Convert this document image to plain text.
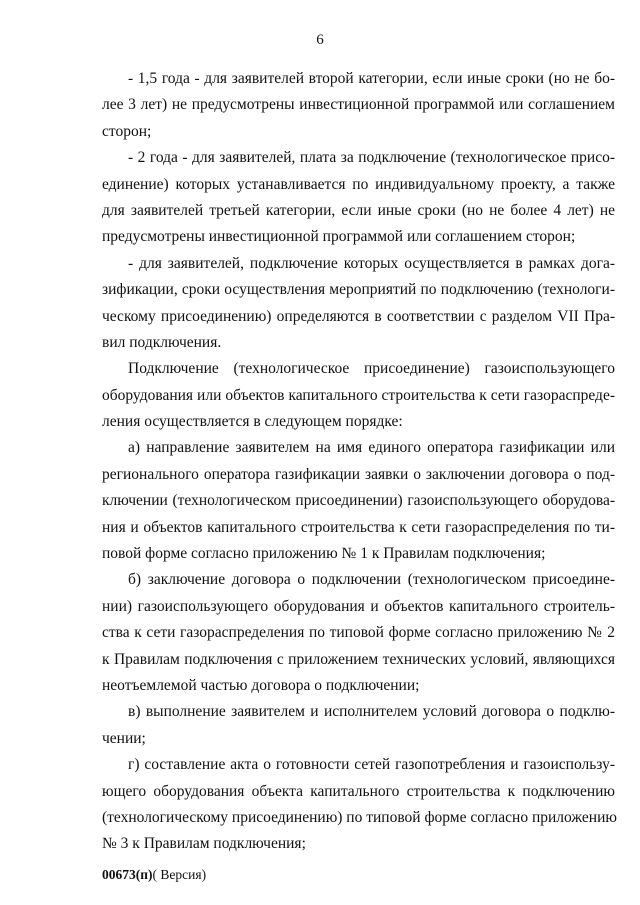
6
- 1,5 года - для заявителей второй категории, если иные сроки (но не бо-
лее 3 лет) не предусмотрены инвестиционной программой или соглашением
сторон;
- 2 года - для заявителей, плата за подключение (технологическое присо-
единение) которых устанавливается по индивидуальному проекту, а также
для заявителей третьей категории, если иные сроки (но не более 4 лет) не
предусмотрены инвестиционной программой или соглашением сторон;
- для заявителей, подключение которых осуществляется в рамках дога-
зификации, сроки осуществления мероприятий по подключению (технологи-
ческому присоединению) определяются в соответствии с разделом VII Пра-
вил подключения.
Подключение (технологическое присоединение) газоиспользующего
оборудования или объектов капитального строительства к сети газораспреде-
ления осуществляется в следующем порядке:
а) направление заявителем на имя единого оператора газификации или
регионального оператора газификации заявки о заключении договора о под-
ключении (технологическом присоединении) газоиспользующего оборудова-
ния и объектов капитального строительства к сети газораспределения по ти-
повой форме согласно приложению № 1 к Правилам подключения;
б) заключение договора о подключении (технологическом присоедине-
нии) газоиспользующего оборудования и объектов капитального строитель-
ства к сети газораспределения по типовой форме согласно приложению № 2
к Правилам подключения с приложением технических условий, являющихся
неотъемлемой частью договора о подключении;
в) выполнение заявителем и исполнителем условий договора о подклю-
чении;
г) составление акта о готовности сетей газопотребления и газоиспользу-
ющего оборудования объекта капитального строительства к подключению
(технологическому присоединению) по типовой форме согласно приложению
№ 3 к Правилам подключения;
00673(п)( Версия)
